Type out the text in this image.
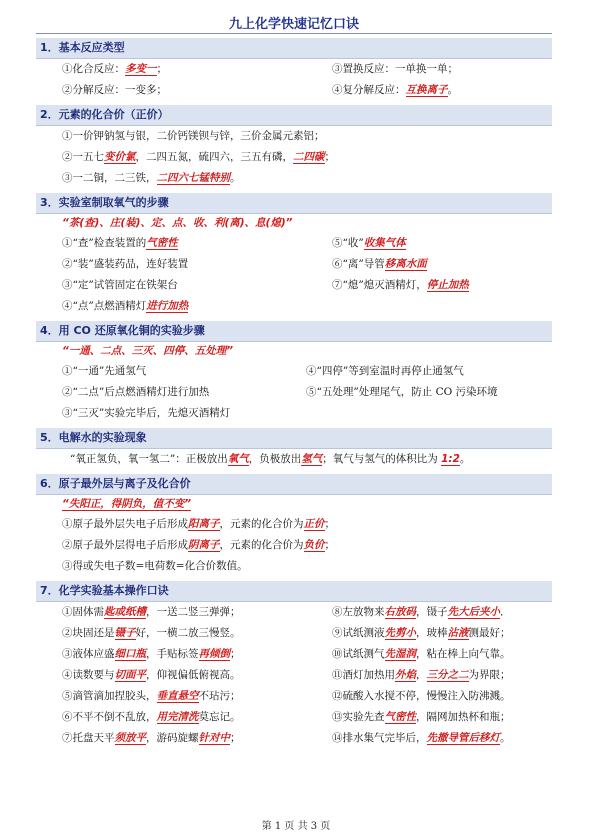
九上化学快速记忆口诀
1．基本反应类型
①化合反应：多变一；	③置换反应：一单换一单；
②分解反应：一变多；	④复分解反应：互换离子。
2．元素的化合价（正价）
①一价钾钠氢与银，二价钙镁钡与锌，三价金属元素铝；
②一五七变价氯，二四五氮，硫四六，三五有磷，二四碳；
③一二铜，二三铁，二四六七锰特别。
3．实验室制取氧气的步骤
“茶(查)、庄(装)、定、点、收、利(离)、息(熄)”
①“查”检查装置的气密性	⑤“收”收集气体
②“装”盛装药品，连好装置	⑥“离”导管移离水面
③“定”试管固定在铁架台	⑦“熄”熄灭酒精灯，停止加热
④“点”点燃酒精灯进行加热
4．用 CO 还原氧化铜的实验步骤
“一通、二点、三灭、四停、五处理”
①“一通”先通氢气	④“四停”等到室温时再停止通氢气
②“二点”后点燃酒精灯进行加热	⑤“五处理”处理尾气，防止 CO 污染环境
③“三灭”实验完毕后，先熄灭酒精灯
5．电解水的实验现象
“氧正氢负，氧一氢二”：正极放出氧气，负极放出氢气；氧气与氢气的体积比为 1:2。
6．原子最外层与离子及化合价
“失阳正，得阴负，值不变”
①原子最外层失电子后形成阳离子，元素的化合价为正价；
②原子最外层得电子后形成阴离子，元素的化合价为负价；
③得或失电子数=电荷数=化合价数值。
7．化学实验基本操作口诀
①固体需匙或纸槽，一送二竖三弹弹；	⑧左放物来右放码，镊子先大后夹小．
②块固还是镊子好，一横二放三慢竖。	⑨试纸测液先剪小，玻棒沾液测最好；
③液体应盛细口瓶，手贴标签再倾倒；	⑩试纸测气先湿润，粘在棒上向气靠。
④读数要与切面平，仰视偏低俯视高。	⑪酒灯加热用外焰，三分之二为界限；
⑤滴管滴加捏胶头，垂直悬空不玷污；	⑫硫酸入水搅不停，慢慢注入防沸溅。
⑥不平不倒不乱放，用完清洗莫忘记。	⑬实验先查气密性，隔网加热杯和瓶；
⑦托盘天平须放平，游码旋螺针对中；	⑭排水集气完毕后，先撤导管后移灯。
第 1 页 共 3 页
